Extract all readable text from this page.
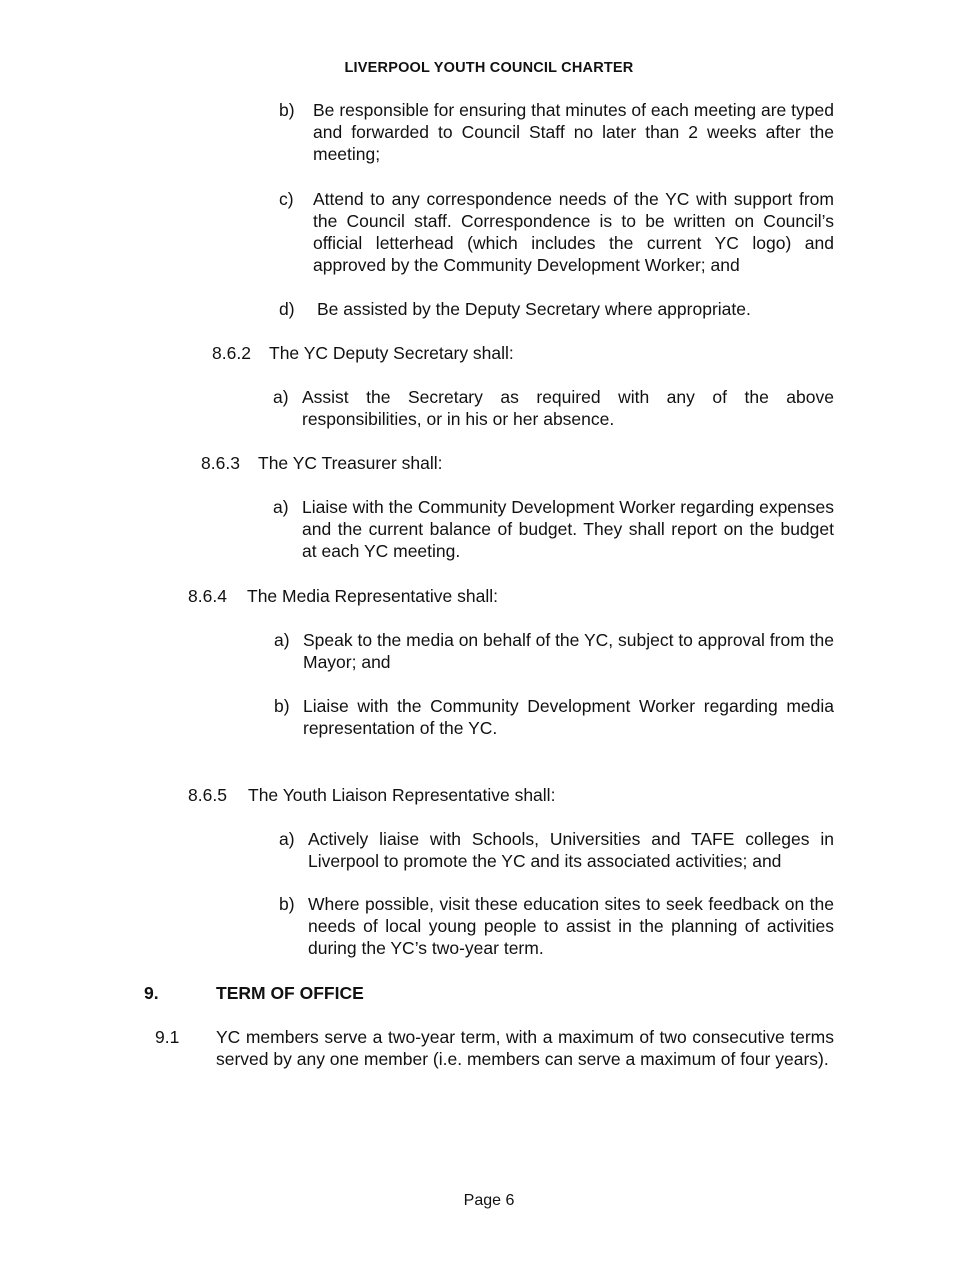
LIVERPOOL YOUTH COUNCIL CHARTER
b) Be responsible for ensuring that minutes of each meeting are typed and forwarded to Council Staff no later than 2 weeks after the meeting;
c) Attend to any correspondence needs of the YC with support from the Council staff. Correspondence is to be written on Council’s official letterhead (which includes the current YC logo) and approved by the Community Development Worker; and
d) Be assisted by the Deputy Secretary where appropriate.
8.6.2 The YC Deputy Secretary shall:
a) Assist the Secretary as required with any of the above responsibilities, or in his or her absence.
8.6.3 The YC Treasurer shall:
a) Liaise with the Community Development Worker regarding expenses and the current balance of budget. They shall report on the budget at each YC meeting.
8.6.4 The Media Representative shall:
a) Speak to the media on behalf of the YC, subject to approval from the Mayor; and
b) Liaise with the Community Development Worker regarding media representation of the YC.
8.6.5 The Youth Liaison Representative shall:
a) Actively liaise with Schools, Universities and TAFE colleges in Liverpool to promote the YC and its associated activities; and
b) Where possible, visit these education sites to seek feedback on the needs of local young people to assist in the planning of activities during the YC’s two-year term.
9.	TERM OF OFFICE
9.1 YC members serve a two-year term, with a maximum of two consecutive terms served by any one member (i.e. members can serve a maximum of four years).
Page 6
